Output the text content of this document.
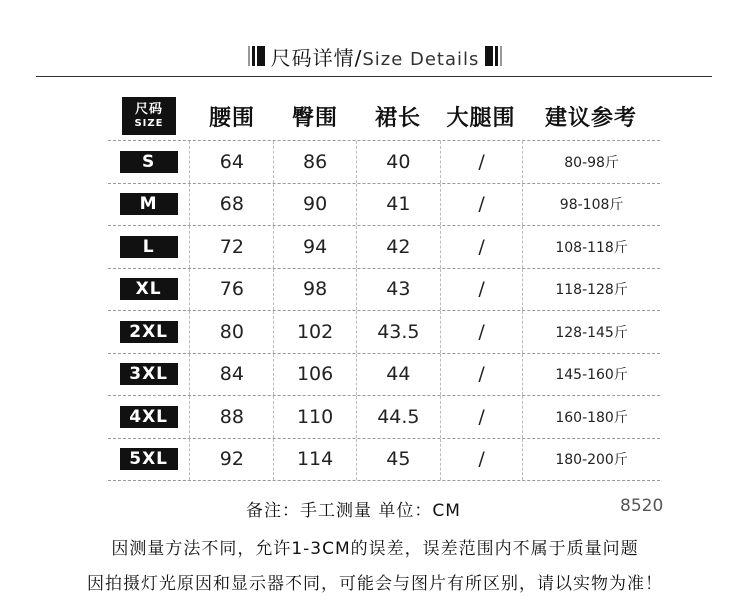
尺码详情/Size Details
尺码
SIZE	腰围	臀围	裙长	大腿围	建议参考
S	64	86	40	/	80-98斤
M	68	90	41	/	98-108斤
L	72	94	42	/	108-118斤
XL	76	98	43	/	118-128斤
2XL	80	102	43.5	/	128-145斤
3XL	84	106	44	/	145-160斤
4XL	88	110	44.5	/	160-180斤
5XL	92	114	45	/	180-200斤
备注：手工测量 单位：CM	8520
因测量方法不同，允许1-3CM的误差，误差范围内不属于质量问题
因拍摄灯光原因和显示器不同，可能会与图片有所区别，请以实物为准！
